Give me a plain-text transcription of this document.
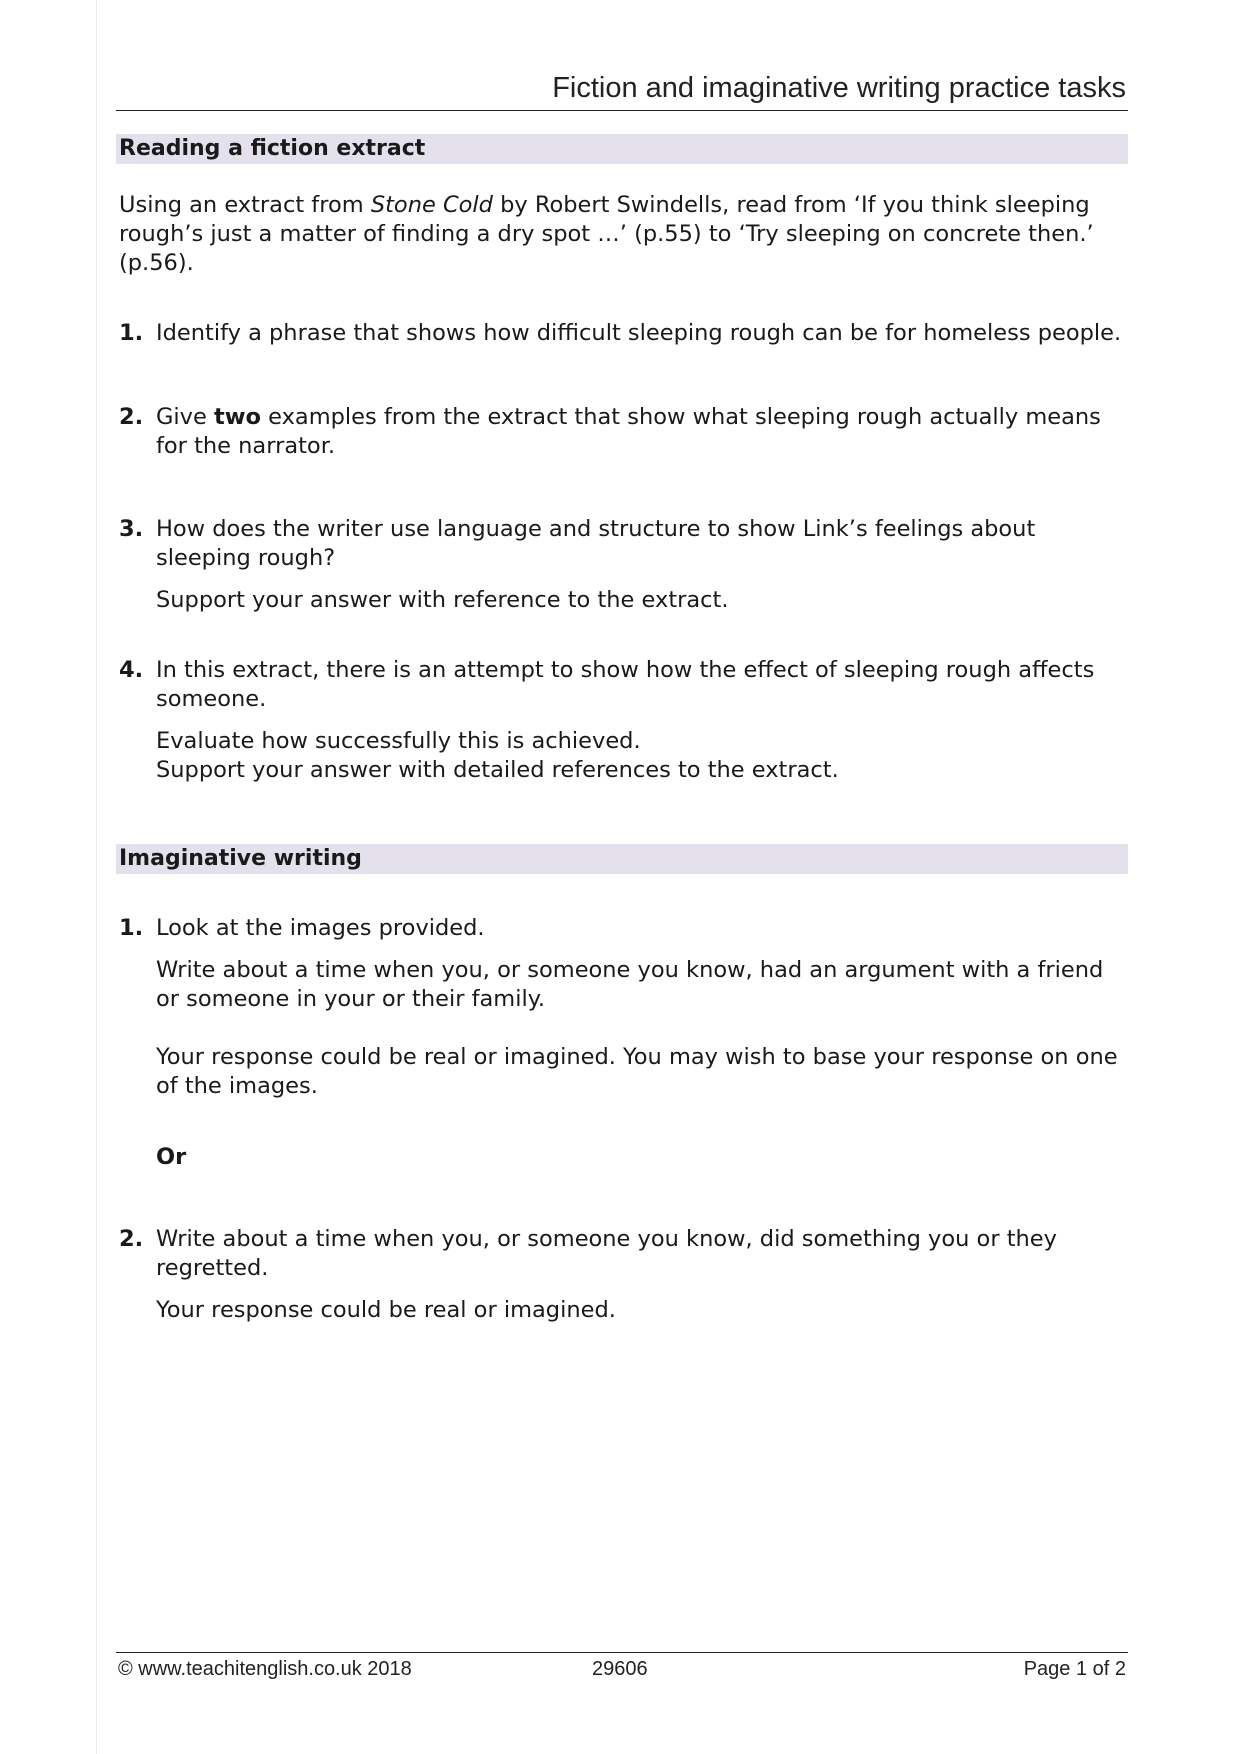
Fiction and imaginative writing practice tasks
Reading a fiction extract

Using an extract from Stone Cold by Robert Swindells, read from ‘If you think sleeping rough’s just a matter of finding a dry spot …’ (p.55) to ‘Try sleeping on concrete then.’ (p.56).

1. Identify a phrase that shows how difficult sleeping rough can be for homeless people.

2. Give two examples from the extract that show what sleeping rough actually means for the narrator.

3. How does the writer use language and structure to show Link’s feelings about sleeping rough?

Support your answer with reference to the extract.

4. In this extract, there is an attempt to show how the effect of sleeping rough affects someone.

Evaluate how successfully this is achieved.

Support your answer with detailed references to the extract.

Imaginative writing
1. Look at the images provided.

Write about a time when you, or someone you know, had an argument with a friend or someone in your or their family.

Your response could be real or imagined. You may wish to base your response on one of the images.

Or

2. Write about a time when you, or someone you know, did something you or they regretted.

Your response could be real or imagined.

© www.teachitenglish.co.uk 2018	29606	Page 1 of 2
